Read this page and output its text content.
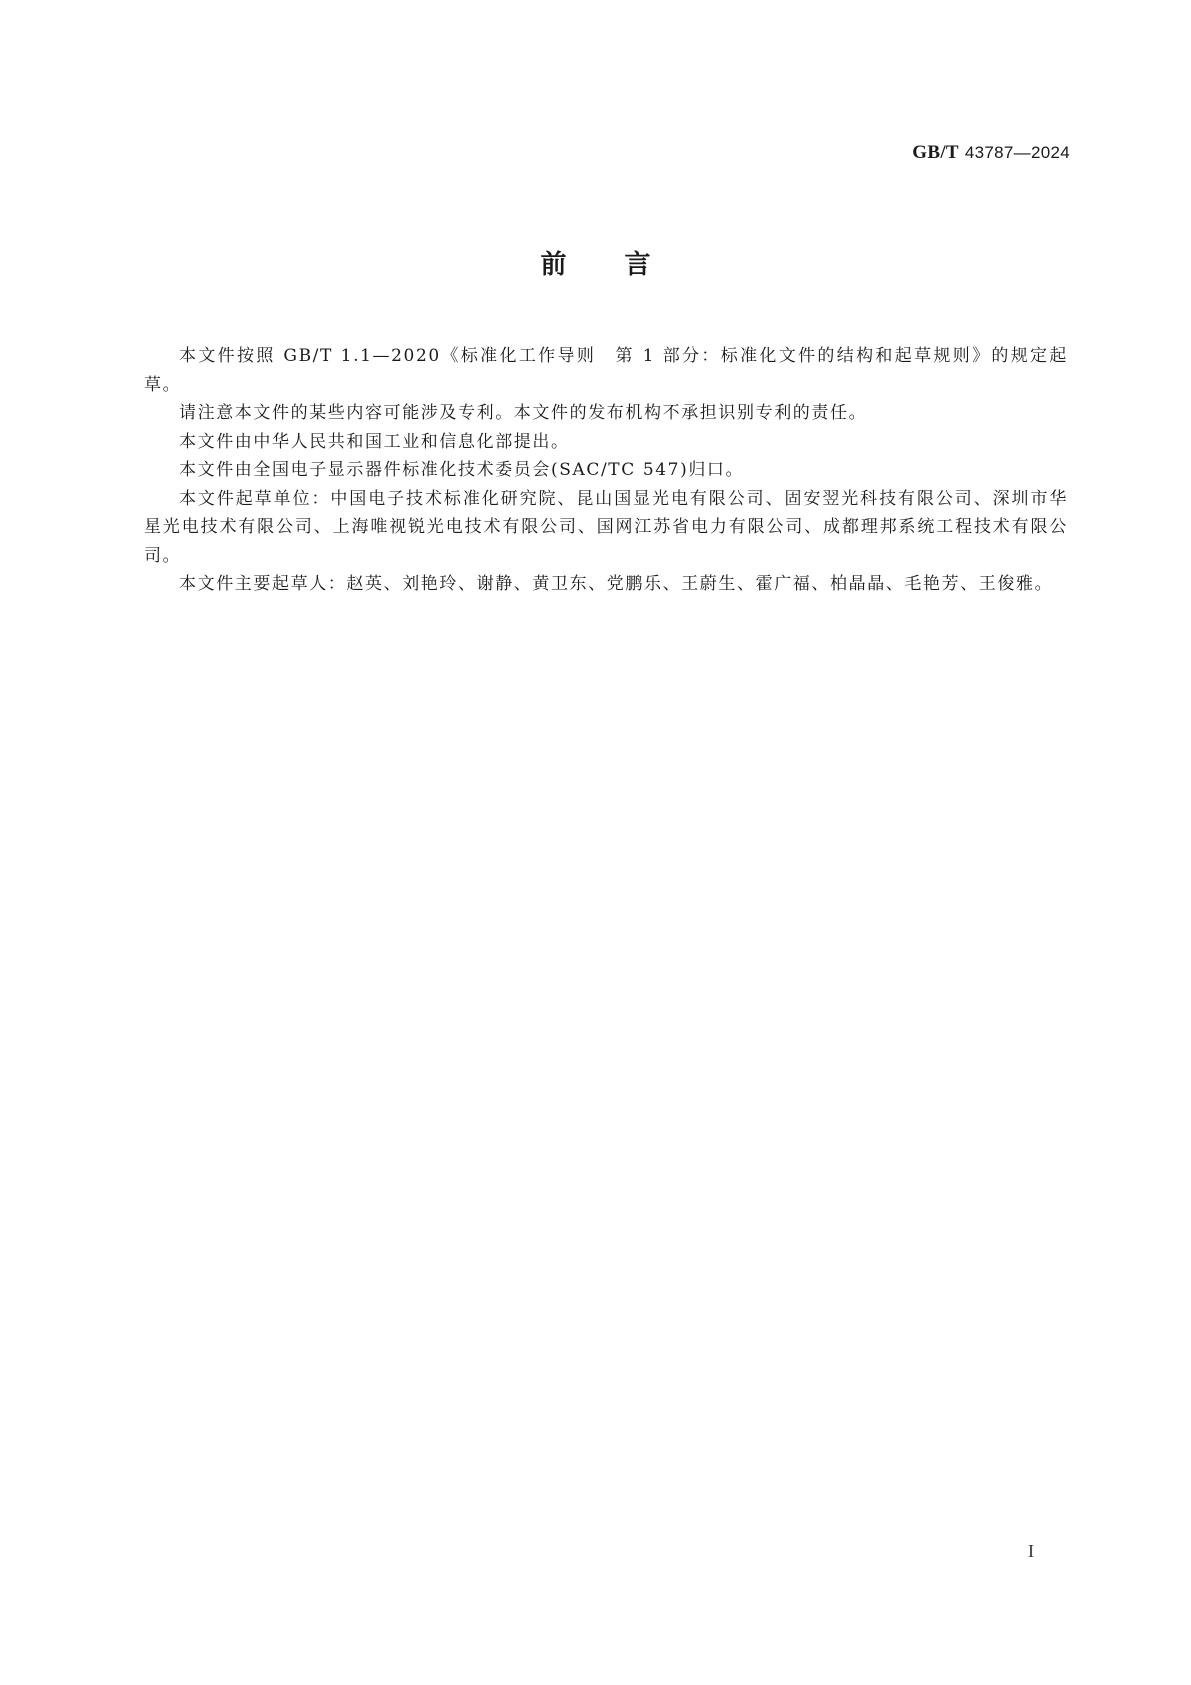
GB/T 43787—2024
前 言

本文件按照 GB/T 1.1—2020《标准化工作导则　第 1 部分：标准化文件的结构和起草规则》的规定起草。

请注意本文件的某些内容可能涉及专利。本文件的发布机构不承担识别专利的责任。

本文件由中华人民共和国工业和信息化部提出。

本文件由全国电子显示器件标准化技术委员会(SAC/TC 547)归口。

本文件起草单位：中国电子技术标准化研究院、昆山国显光电有限公司、固安翌光科技有限公司、深圳市华星光电技术有限公司、上海唯视锐光电技术有限公司、国网江苏省电力有限公司、成都理邦系统工程技术有限公司。

本文件主要起草人：赵英、刘艳玲、谢静、黄卫东、党鹏乐、王蔚生、霍广福、柏晶晶、毛艳芳、王俊雅。

I
